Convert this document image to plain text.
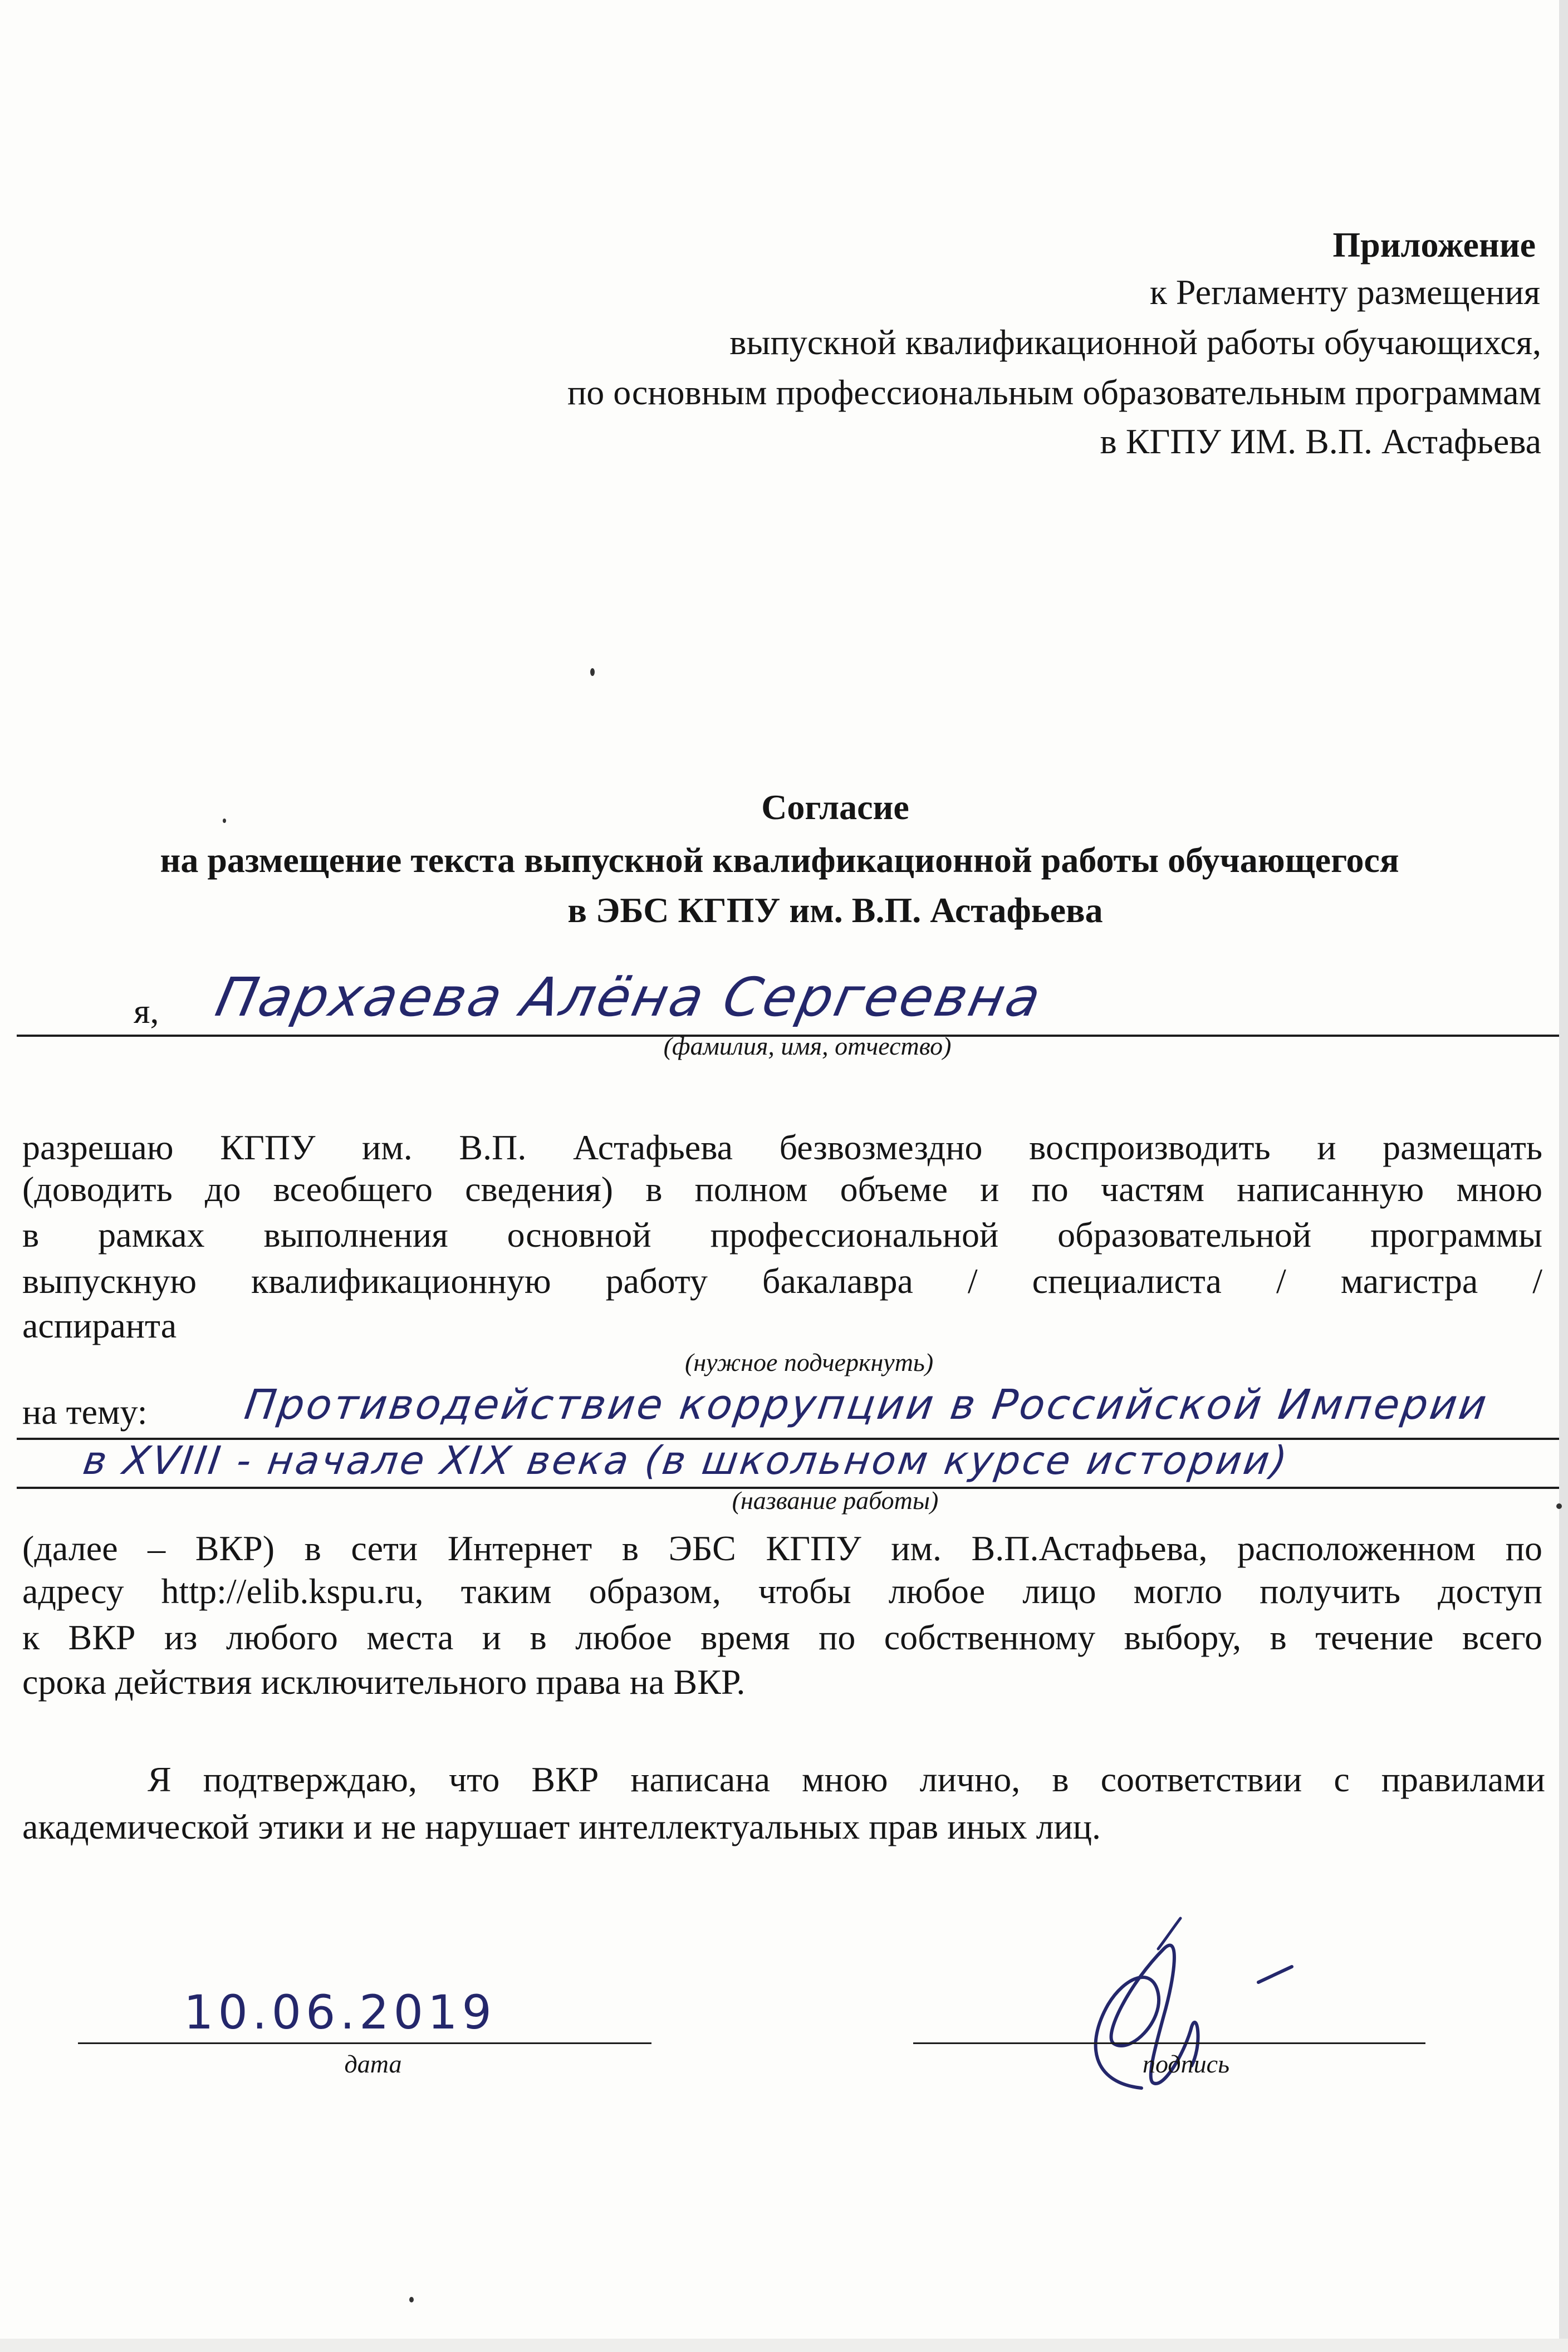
Приложение
к Регламенту размещения
выпускной квалификационной работы обучающихся,
по основным профессиональным образовательным программам
в КГПУ ИМ. В.П. Астафьева
Согласие
на размещение текста выпускной квалификационной работы обучающегося
в ЭБС КГПУ им. В.П. Астафьева
я, Пархаева Алёна Сергеевна
(фамилия, имя, отчество)
разрешаю КГПУ им. В.П. Астафьева безвозмездно воспроизводить и размещать
(доводить до всеобщего сведения) в полном объеме и по частям написанную мною
в рамках выполнения основной профессиональной образовательной программы
выпускную квалификационную работу бакалавра / специалиста / магистра /
аспиранта
(нужное подчеркнуть)
на тему: Противодействие коррупции в Российской Империи
в XVIII - начале XIX века (в школьном курсе истории)
(название работы)
(далее – ВКР) в сети Интернет в ЭБС КГПУ им. В.П.Астафьева, расположенном по
адресу http://elib.kspu.ru, таким образом, чтобы любое лицо могло получить доступ
к ВКР из любого места и в любое время по собственному выбору, в течение всего
срока действия исключительного права на ВКР.
Я подтверждаю, что ВКР написана мною лично, в соответствии с правилами
академической этики и не нарушает интеллектуальных прав иных лиц.
10.06.2019
дата	подпись
